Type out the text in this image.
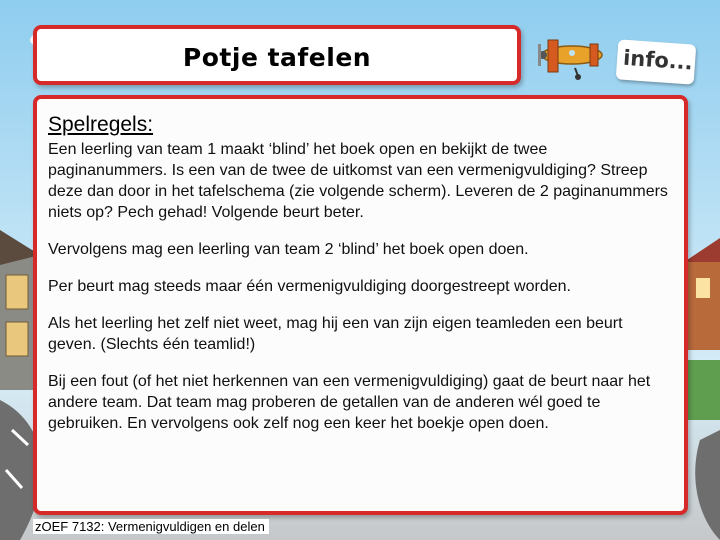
Potje tafelen	info...
Spelregels:

Een leerling van team 1 maakt ‘blind’ het boek open en bekijkt de twee paginanummers. Is een van de twee de uitkomst van een vermenigvuldiging? Streep deze dan door in het tafelschema (zie volgende scherm). Leveren de 2 paginanummers niets op? Pech gehad! Volgende beurt beter.

Vervolgens mag een leerling van team 2 ‘blind’ het boek open doen.

Per beurt mag steeds maar één vermenigvuldiging doorgestreept worden.

Als het leerling het zelf niet weet, mag hij een van zijn eigen teamleden een beurt geven. (Slechts één teamlid!)

Bij een fout (of het niet herkennen van een vermenigvuldiging) gaat de beurt naar het andere team. Dat team mag proberen de getallen van de anderen wél goed te gebruiken. En vervolgens ook zelf nog een keer het boekje open doen.

zOEF 7132: Vermenigvuldigen en delen
